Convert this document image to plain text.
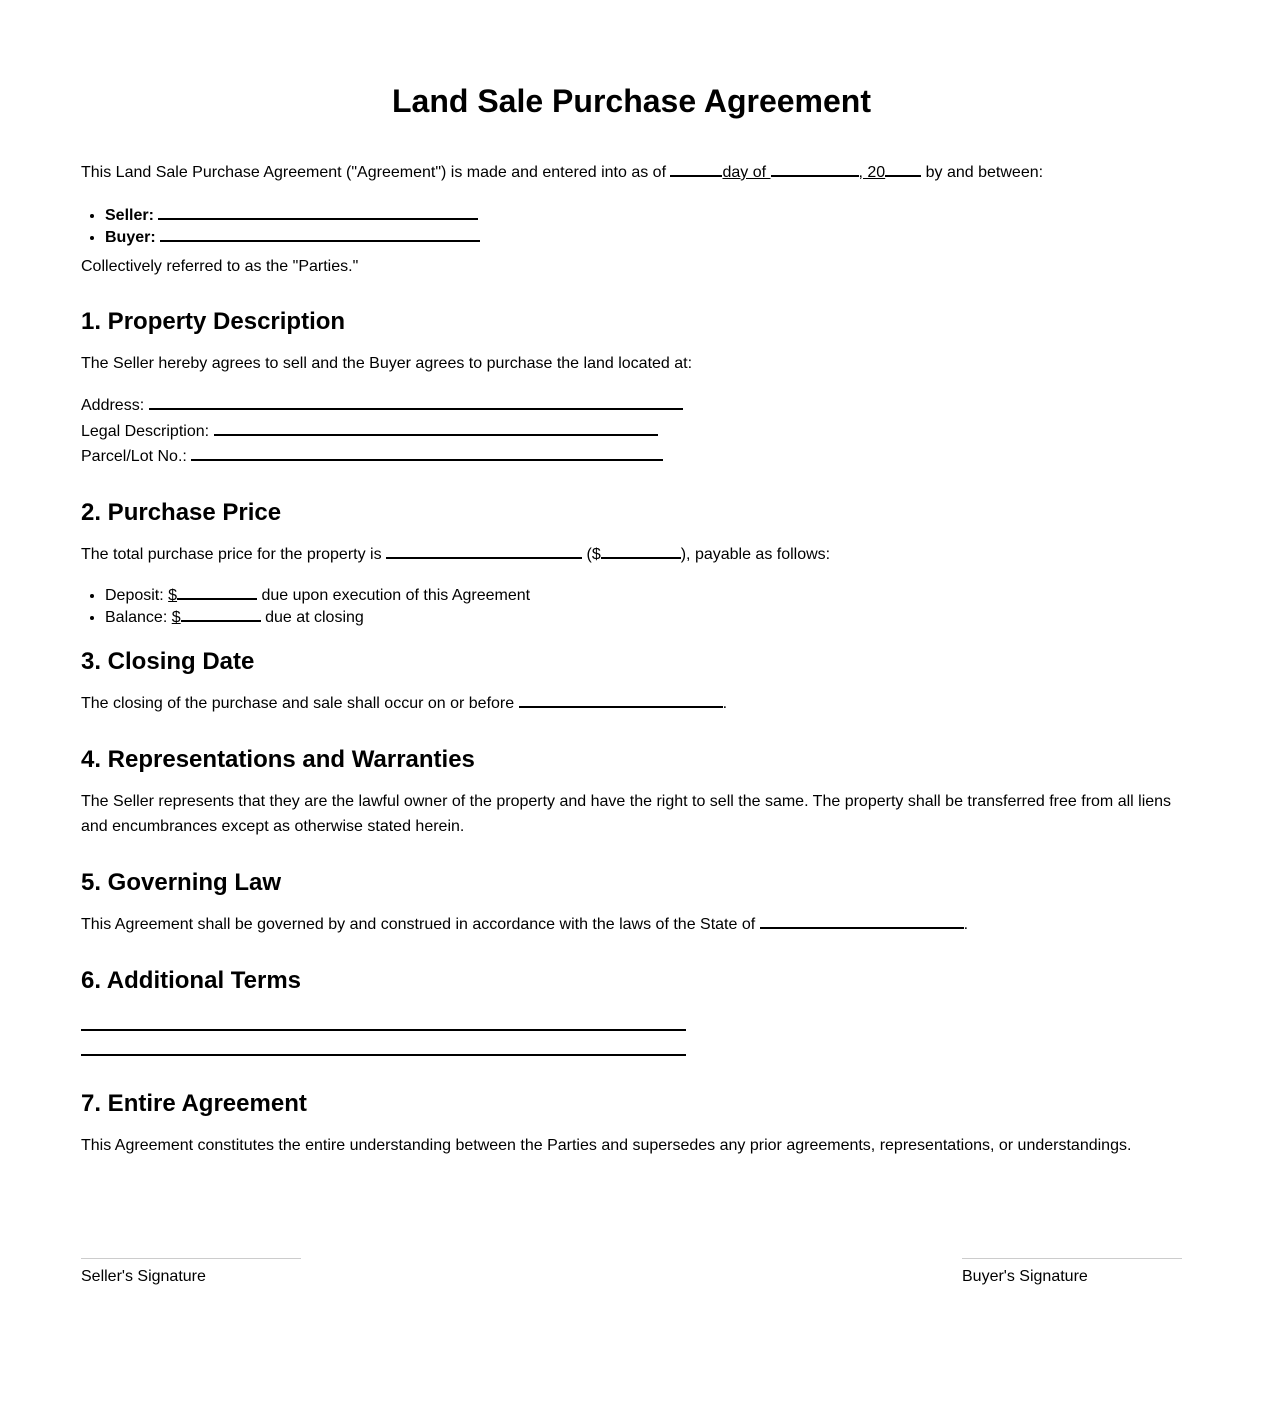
Land Sale Purchase Agreement

This Land Sale Purchase Agreement ("Agreement") is made and entered into as of	day of	, 20 by and between:

• Seller:
• Buyer:

Collectively referred to as the "Parties."

1. Property Description

The Seller hereby agrees to sell and the Buyer agrees to purchase the land located at:

Address:
Legal Description:
Parcel/Lot No.:
2. Purchase Price

The total purchase price for the property is	($	), payable as follows:

• Deposit: $	due upon execution of this Agreement
• Balance: $	due at closing
3. Closing Date

The closing of the purchase and sale shall occur on or before	.

4. Representations and Warranties

The Seller represents that they are the lawful owner of the property and have the right to sell the same. The property shall be transferred free from all liens and encumbrances except as otherwise stated herein.

5. Governing Law

This Agreement shall be governed by and construed in accordance with the laws of the State of	.

6. Additional Terms
7. Entire Agreement

This Agreement constitutes the entire understanding between the Parties and supersedes any prior agreements, representations, or understandings.

Seller's Signature	Buyer's Signature
